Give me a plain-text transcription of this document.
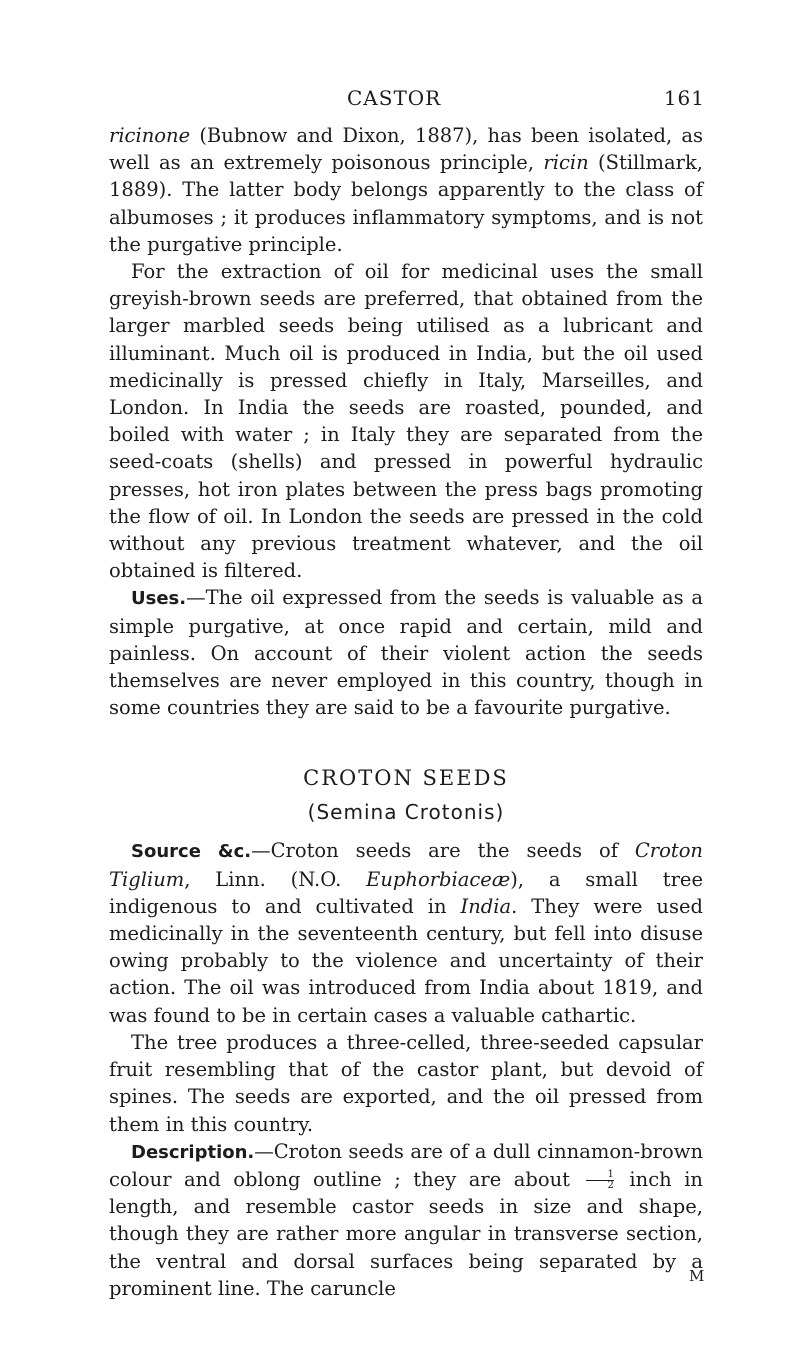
CASTOR	161

ricinone (Bubnow and Dixon, 1887), has been isolated, as well as an extremely poisonous principle, ricin (Stillmark, 1889). The latter body belongs apparently to the class of albumoses ; it produces inflammatory symptoms, and is not the purgative principle.

For the extraction of oil for medicinal uses the small greyish-brown seeds are preferred, that obtained from the larger marbled seeds being utilised as a lubricant and illuminant. Much oil is produced in India, but the oil used medicinally is pressed chiefly in Italy, Marseilles, and London. In India the seeds are roasted, pounded, and boiled with water ; in Italy they are separated from the seed-coats (shells) and pressed in powerful hydraulic presses, hot iron plates between the press bags promoting the flow of oil. In London the seeds are pressed in the cold without any previous treatment whatever, and the oil obtained is filtered.

Uses.—The oil expressed from the seeds is valuable as a simple purgative, at once rapid and certain, mild and painless. On account of their violent action the seeds themselves are never employed in this country, though in some countries they are said to be a favourite purgative.

CROTON SEEDS
(Semina Crotonis)

Source &c.—Croton seeds are the seeds of Croton Tiglium, Linn. (N.O. Euphorbiaceæ), a small tree indigenous to and cultivated in India. They were used medicinally in the seventeenth century, but fell into disuse owing probably to the violence and uncertainty of their action. The oil was introduced from India about 1819, and was found to be in certain cases a valuable cathartic.

The tree produces a three-celled, three-seeded capsular fruit resembling that of the castor plant, but devoid of spines. The seeds are exported, and the oil pressed from them in this country.

Description.—Croton seeds are of a dull cinnamon-brown colour and oblong outline ; they are about $\frac{1}{2}$ inch in length, and resemble castor seeds in size and shape, though they are rather more angular in transverse section, the ventral and dorsal surfaces being separated by a prominent line. The caruncle

M
